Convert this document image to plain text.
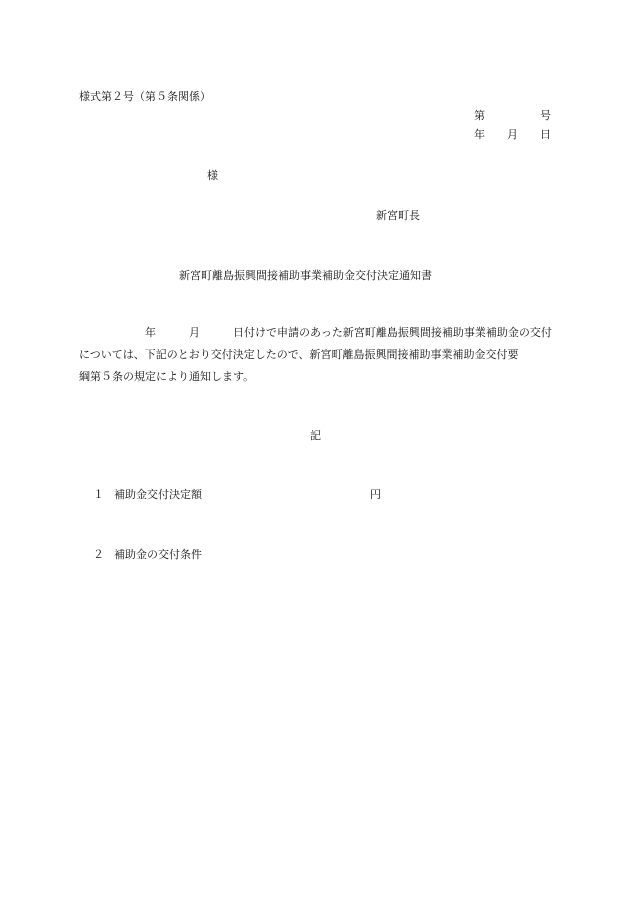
様式第２号（第５条関係）
第　　　　　号
年　　月　　日
様
新宮町長
新宮町離島振興間接補助事業補助金交付決定通知書
　　　　　　年　　　月　　　日付けで申請のあった新宮町離島振興間接補助事業補助金の交付
については、下記のとおり交付決定したので、新宮町離島振興間接補助事業補助金交付要
綱第５条の規定により通知します。
記
１ 補助金交付決定額	円
２ 補助金の交付条件
